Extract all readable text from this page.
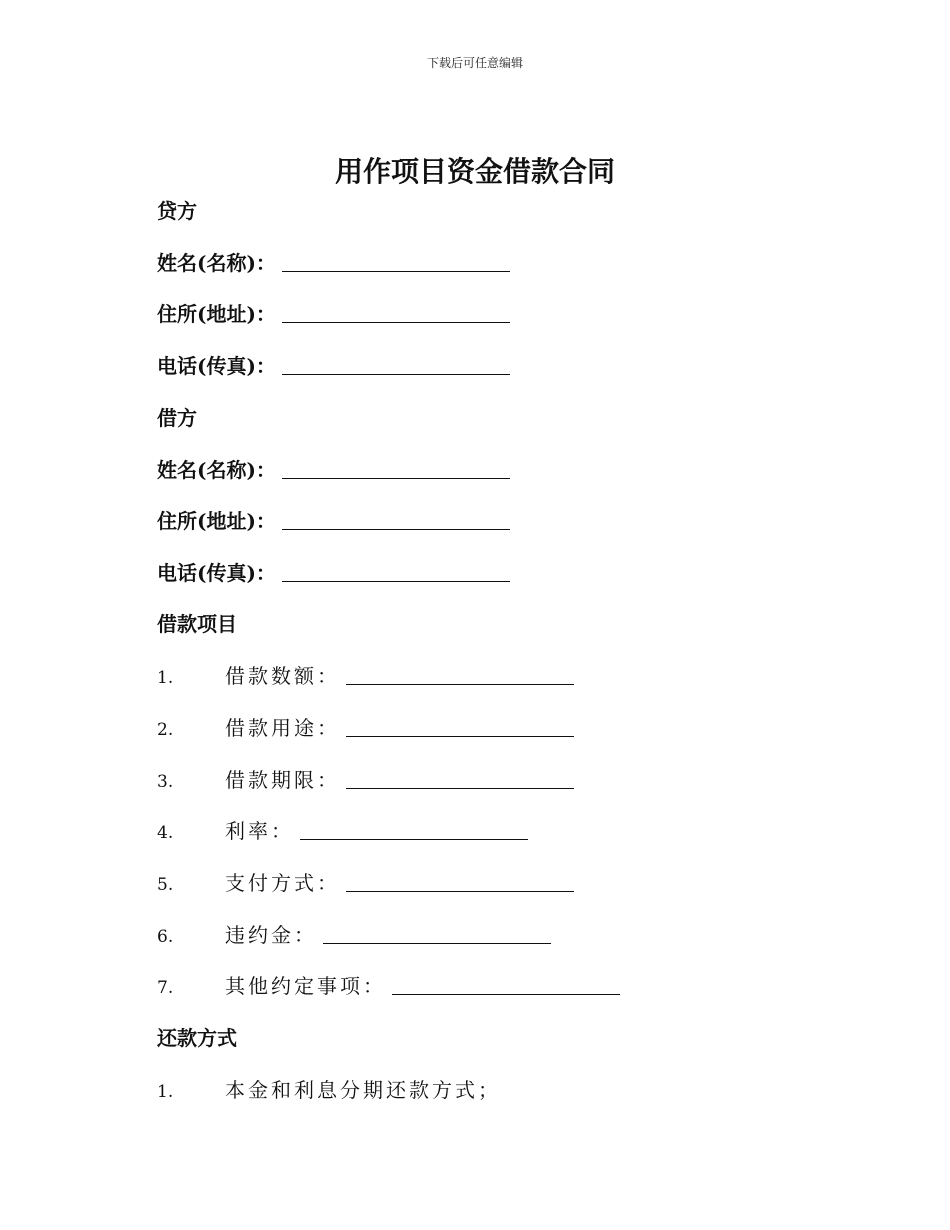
下载后可任意编辑
用作项目资金借款合同
贷方
姓名(名称)：
住所(地址)：
电话(传真)：
借方
姓名(名称)：
住所(地址)：
电话(传真)：
借款项目
1.	借款数额：
2.	借款用途：
3.	借款期限：
4.	利率：
5.	支付方式：
6.	违约金：
7.	其他约定事项：
还款方式
1.	本金和利息分期还款方式；
